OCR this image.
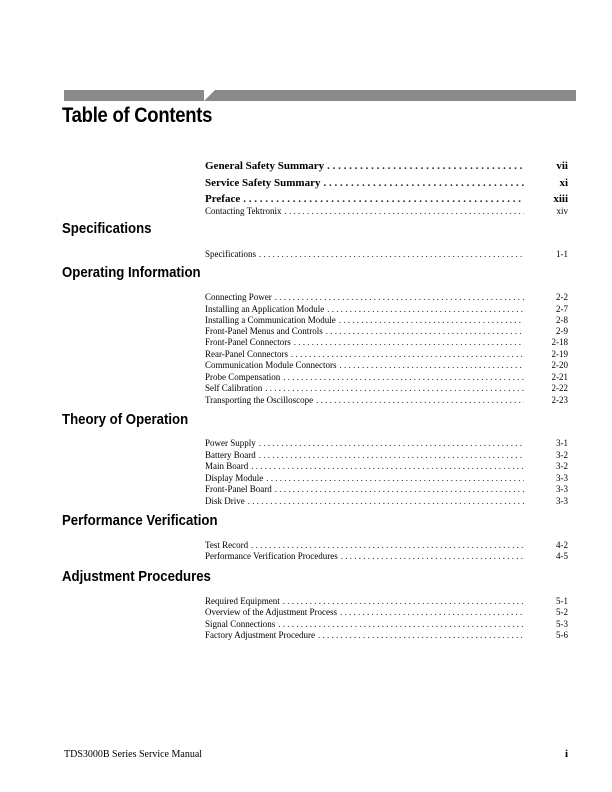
Table of Contents
General Safety Summary . . .	vii
Service Safety Summary . . .	xi
Preface . . .	xiii
Contacting Tektronix . . .	xiv
Specifications
Specifications . . .	1-1
Operating Information
Connecting Power . . .	2-2
Installing an Application Module . . .	2-7
Installing a Communication Module . . .	2-8
Front-Panel Menus and Controls . . .	2-9
Front-Panel Connectors . . .	2-18
Rear-Panel Connectors . . .	2-19
Communication Module Connectors . . .	2-20
Probe Compensation . . .	2-21
Self Calibration . . .	2-22
Transporting the Oscilloscope . . .	2-23
Theory of Operation
Power Supply . . .	3-1
Battery Board . . .	3-2
Main Board . . .	3-2
Display Module . . .	3-3
Front-Panel Board . . .	3-3
Disk Drive . . .	3-3
Performance Verification
Test Record . . .	4-2
Performance Verification Procedures . . .	4-5
Adjustment Procedures
Required Equipment . . .	5-1
Overview of the Adjustment Process . . .	5-2
Signal Connections . . .	5-3
Factory Adjustment Procedure . . .	5-6
TDS3000B Series Service Manual	i
